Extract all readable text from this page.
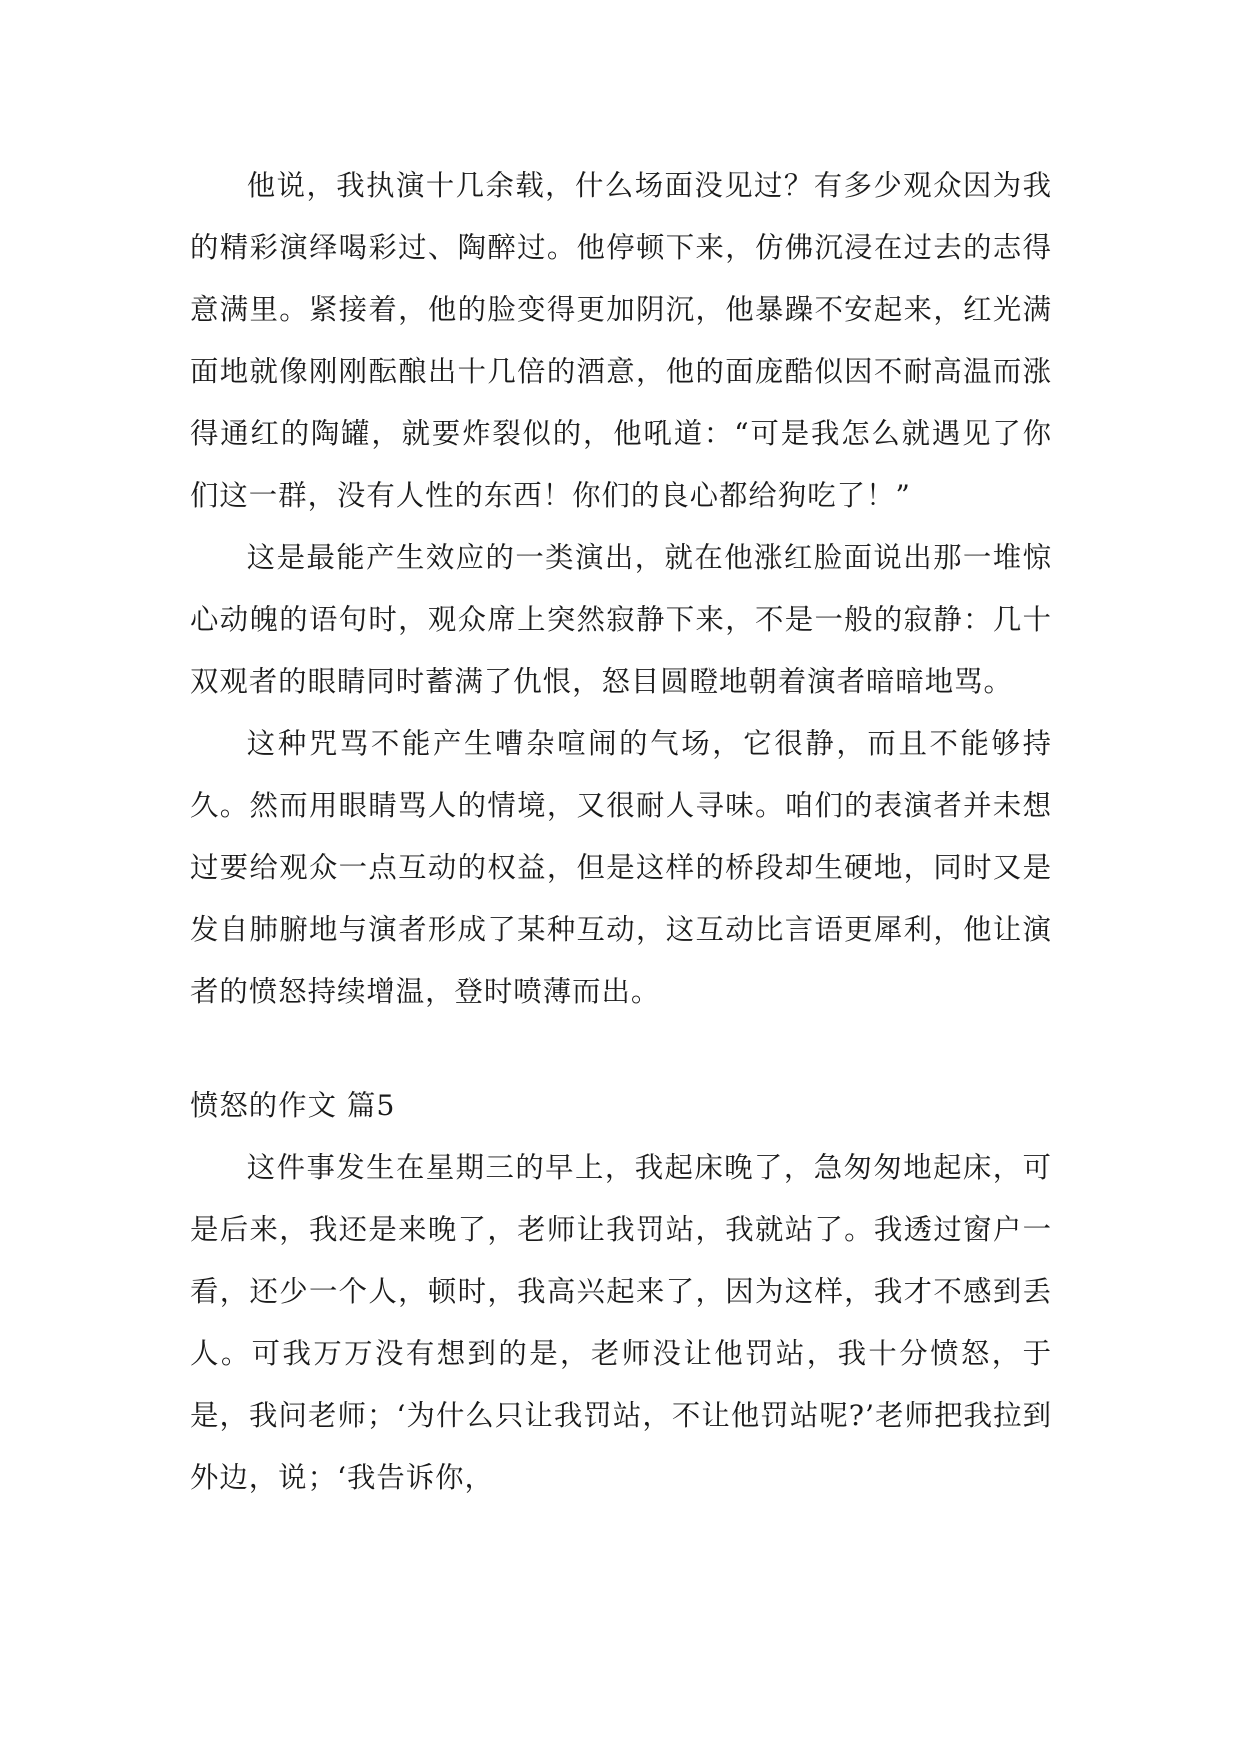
他说，我执演十几余载，什么场面没见过？有多少观众因为我的精彩演绎喝彩过、陶醉过。他停顿下来，仿佛沉浸在过去的志得意满里。紧接着，他的脸变得更加阴沉，他暴躁不安起来，红光满面地就像刚刚酝酿出十几倍的酒意，他的面庞酷似因不耐高温而涨得通红的陶罐，就要炸裂似的，他吼道：“可是我怎么就遇见了你们这一群，没有人性的东西！你们的良心都给狗吃了！”

这是最能产生效应的一类演出，就在他涨红脸面说出那一堆惊心动魄的语句时，观众席上突然寂静下来，不是一般的寂静：几十双观者的眼睛同时蓄满了仇恨，怒目圆瞪地朝着演者暗暗地骂。

这种咒骂不能产生嘈杂喧闹的气场，它很静，而且不能够持久。然而用眼睛骂人的情境，又很耐人寻味。咱们的表演者并未想过要给观众一点互动的权益，但是这样的桥段却生硬地，同时又是发自肺腑地与演者形成了某种互动，这互动比言语更犀利，他让演者的愤怒持续增温，登时喷薄而出。

愤怒的作文 篇5

这件事发生在星期三的早上，我起床晚了，急匆匆地起床，可是后来，我还是来晚了，老师让我罚站，我就站了。我透过窗户一看，还少一个人，顿时，我高兴起来了，因为这样，我才不感到丢人。可我万万没有想到的是，老师没让他罚站，我十分愤怒，于是，我问老师；‘为什么只让我罚站，不让他罚站呢?’老师把我拉到外边，说；‘我告诉你，
